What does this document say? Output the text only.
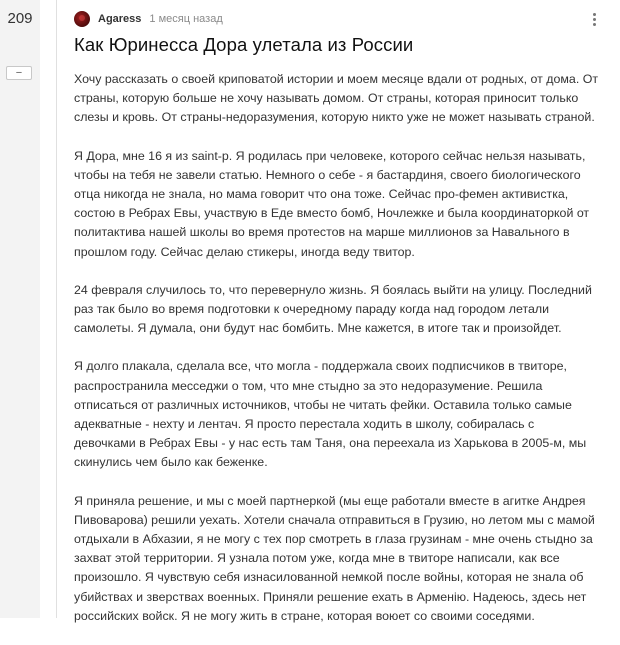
209
−
Agaress 1 месяц назад
Как Юринесса Дора улетала из России

Хочу рассказать о своей криповатой истории и моем месяце вдали от родных, от дома. От страны, которую больше не хочу называть домом. От страны, которая приносит только слезы и кровь. От страны-недоразумения, которую никто уже не может называть страной.

Я Дора, мне 16 я из saint-p. Я родилась при человеке, которого сейчас нельзя называть, чтобы на тебя не завели статью. Немного о себе - я бастардиня, своего биологического отца никогда не знала, но мама говорит что она тоже. Сейчас про-фемен активистка, состою в Ребрах Евы, участвую в Еде вместо бомб, Ночлежке и была координаторкой от политактива нашей школы во время протестов на марше миллионов за Навального в прошлом году. Сейчас делаю стикеры, иногда веду твитор.

24 февраля случилось то, что перевернуло жизнь. Я боялась выйти на улицу. Последний раз так было во время подготовки к очередному параду когда над городом летали самолеты. Я думала, они будут нас бомбить. Мне кажется, в итоге так и произойдет.

Я долго плакала, сделала все, что могла - поддержала своих подписчиков в твиторе, распространила месседжи о том, что мне стыдно за это недоразумение. Решила отписаться от различных источников, чтобы не читать фейки. Оставила только самые адекватные - нехту и лентач. Я просто перестала ходить в школу, собиралась с девочками в Ребрах Евы - у нас есть там Таня, она переехала из Харькова в 2005-м, мы скинулись чем было как беженке.

Я приняла решение, и мы с моей партнеркой (мы еще работали вместе в агитке Андрея Пивоварова) решили уехать. Хотели сначала отправиться в Грузию, но летом мы с мамой отдыхали в Абхазии, я не могу с тех пор смотреть в глаза грузинам - мне очень стыдно за захват этой территории. Я узнала потом уже, когда мне в твиторе написали, как все произошло. Я чувствую себя изнасилованной немкой после войны, которая не знала об убийствах и зверствах военных. Приняли решение ехать в Арменію. Надеюсь, здесь нет российских войск. Я не могу жить в стране, которая воюет со своими соседями.
